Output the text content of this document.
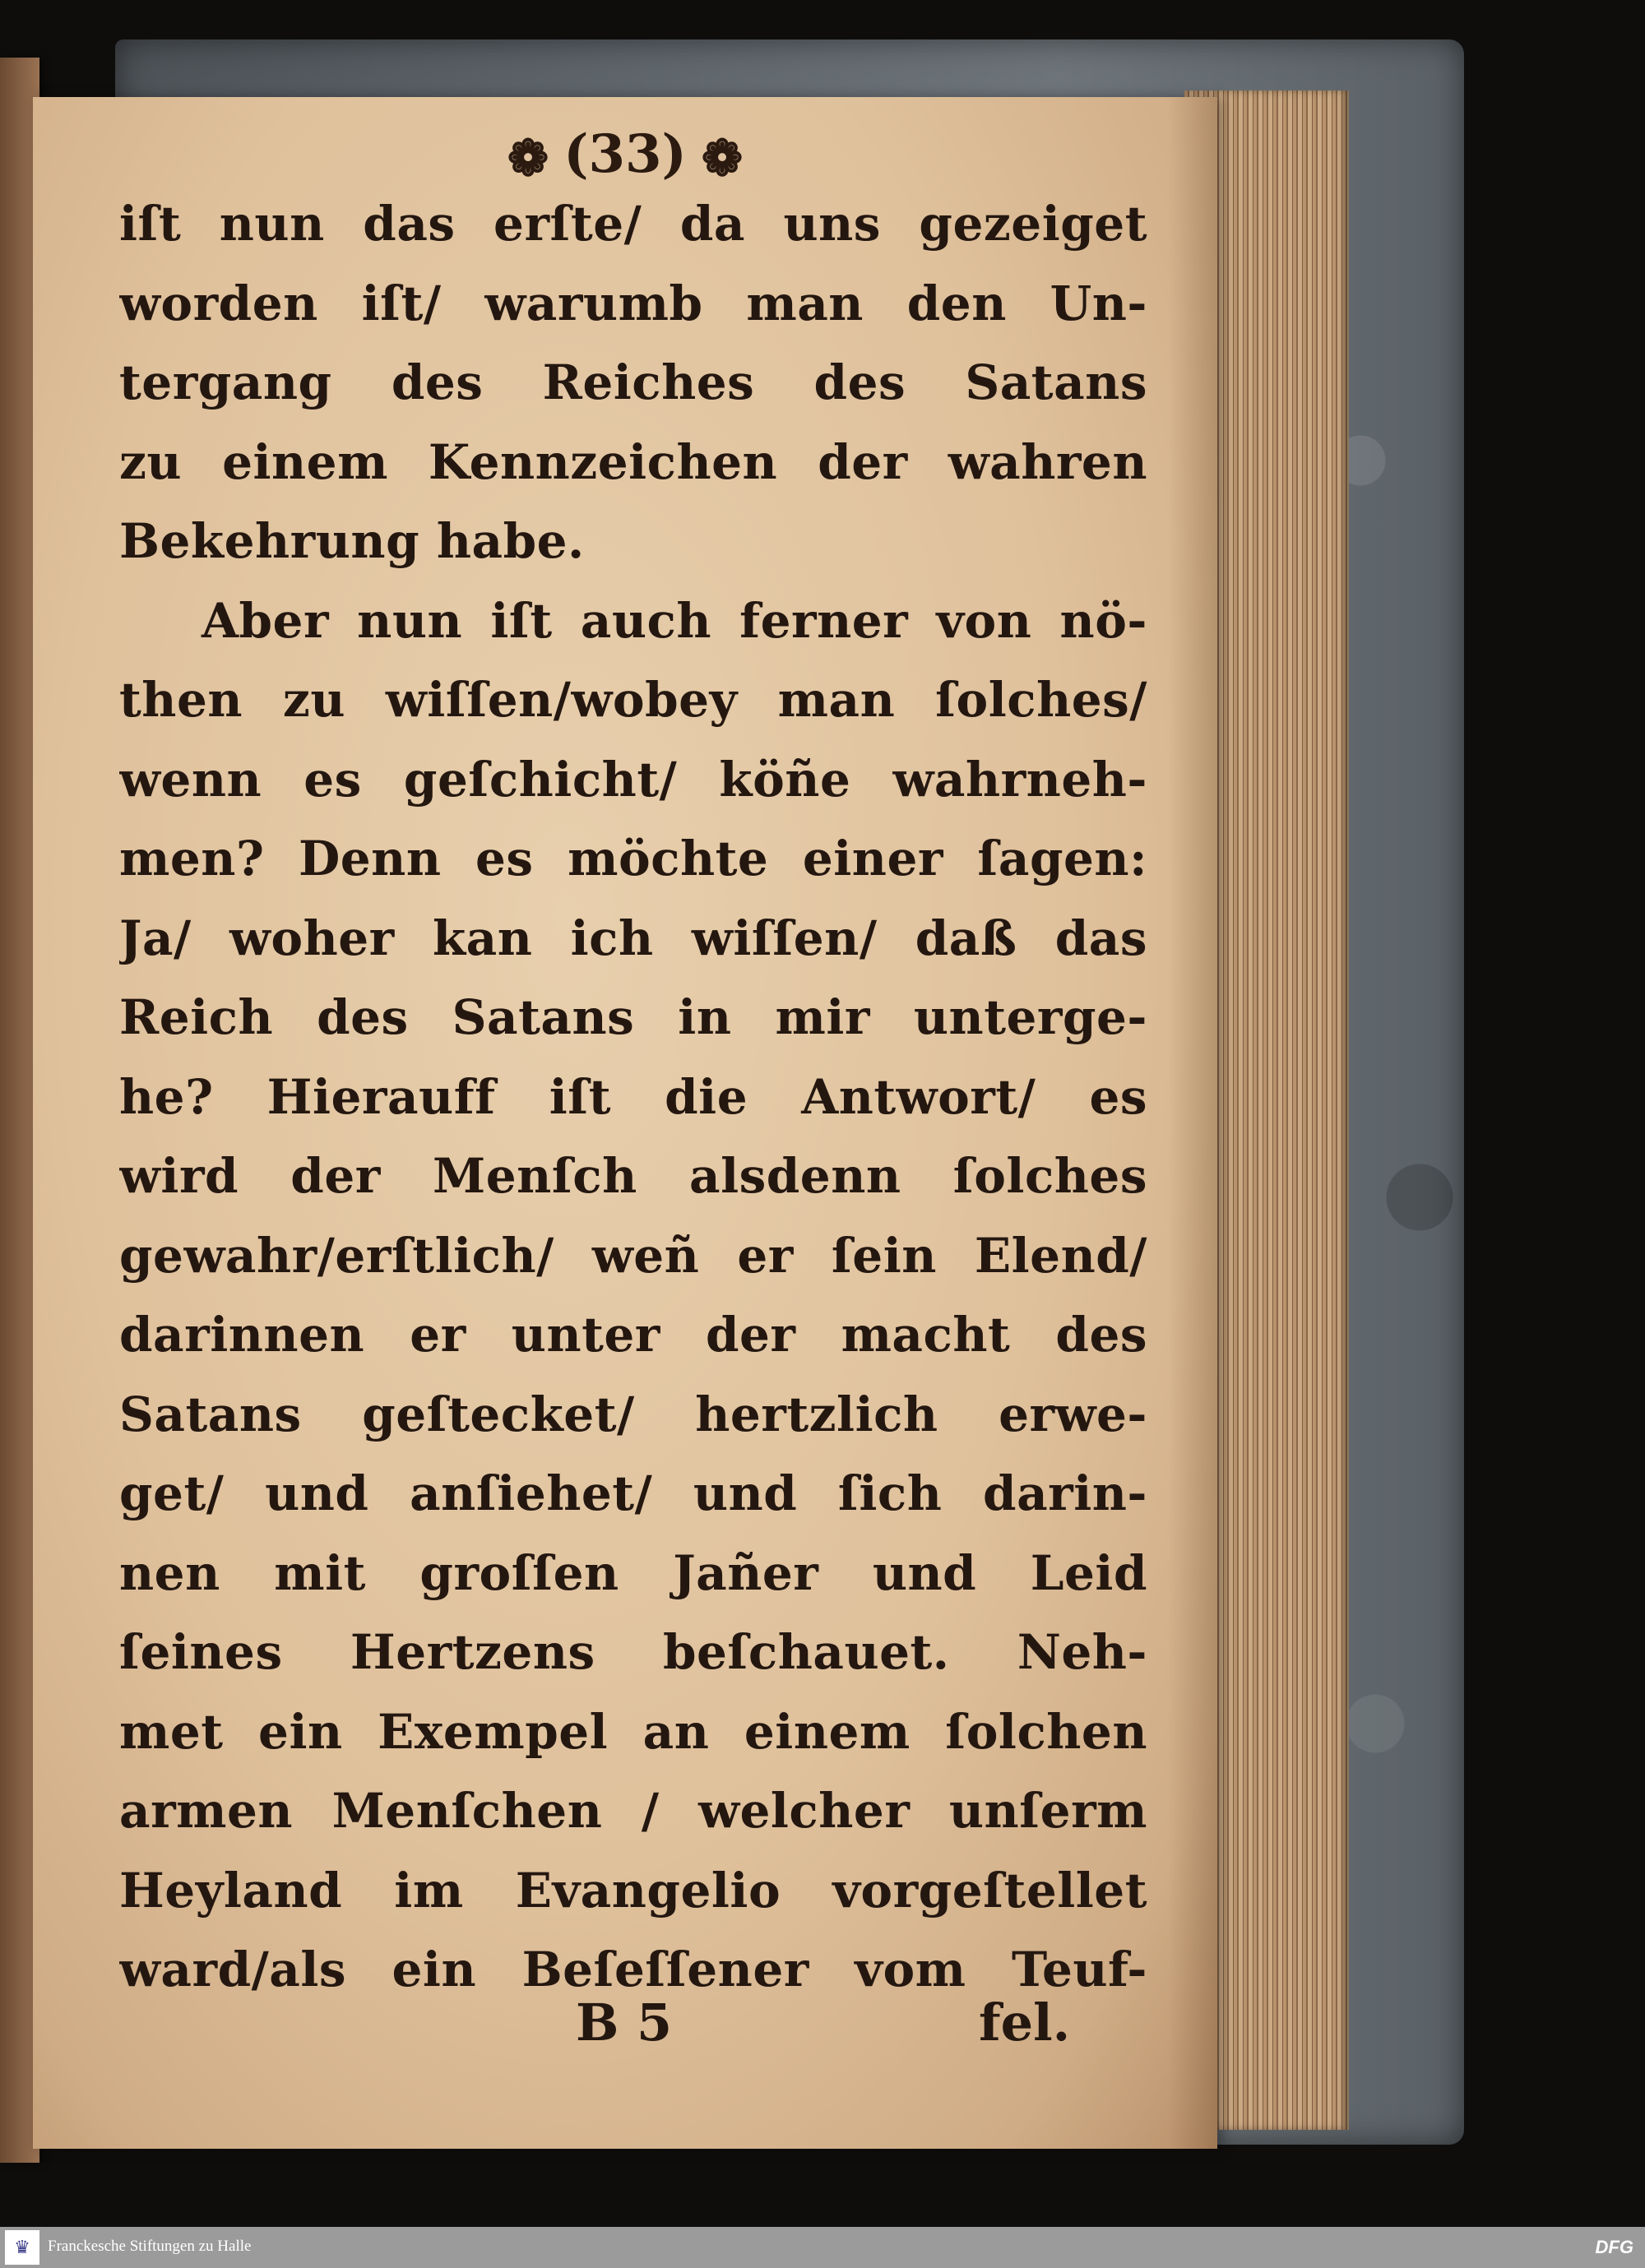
❁ (33) ❁
iſt nun das erſte/ da uns gezeiget
worden iſt/ warumb man den Un-
tergang des Reiches des Satans
zu einem Kennzeichen der wahren
Bekehrung habe.
Aber nun iſt auch ferner von nö-
then zu wiſſen/wobey man ſolches/
wenn es geſchicht/ köñe wahrneh-
men? Denn es möchte einer ſagen:
Ja/ woher kan ich wiſſen/ daß das
Reich des Satans in mir unterge-
he? Hierauff iſt die Antwort/ es
wird der Menſch alsdenn ſolches
gewahr/erſtlich/ weñ er ſein Elend/
darinnen er unter der macht des
Satans geſtecket/ hertzlich erwe-
get/ und anſiehet/ und ſich darin-
nen mit groſſen Jañer und Leid
ſeines Hertzens beſchauet. Neh-
met ein Exempel an einem ſolchen
armen Menſchen / welcher unſerm
Heyland im Evangelio vorgeſtellet
ward/als ein Beſeſſener vom Teuf-
B 5	fel.
♛	Franckesche Stiftungen zu Halle	DFG
